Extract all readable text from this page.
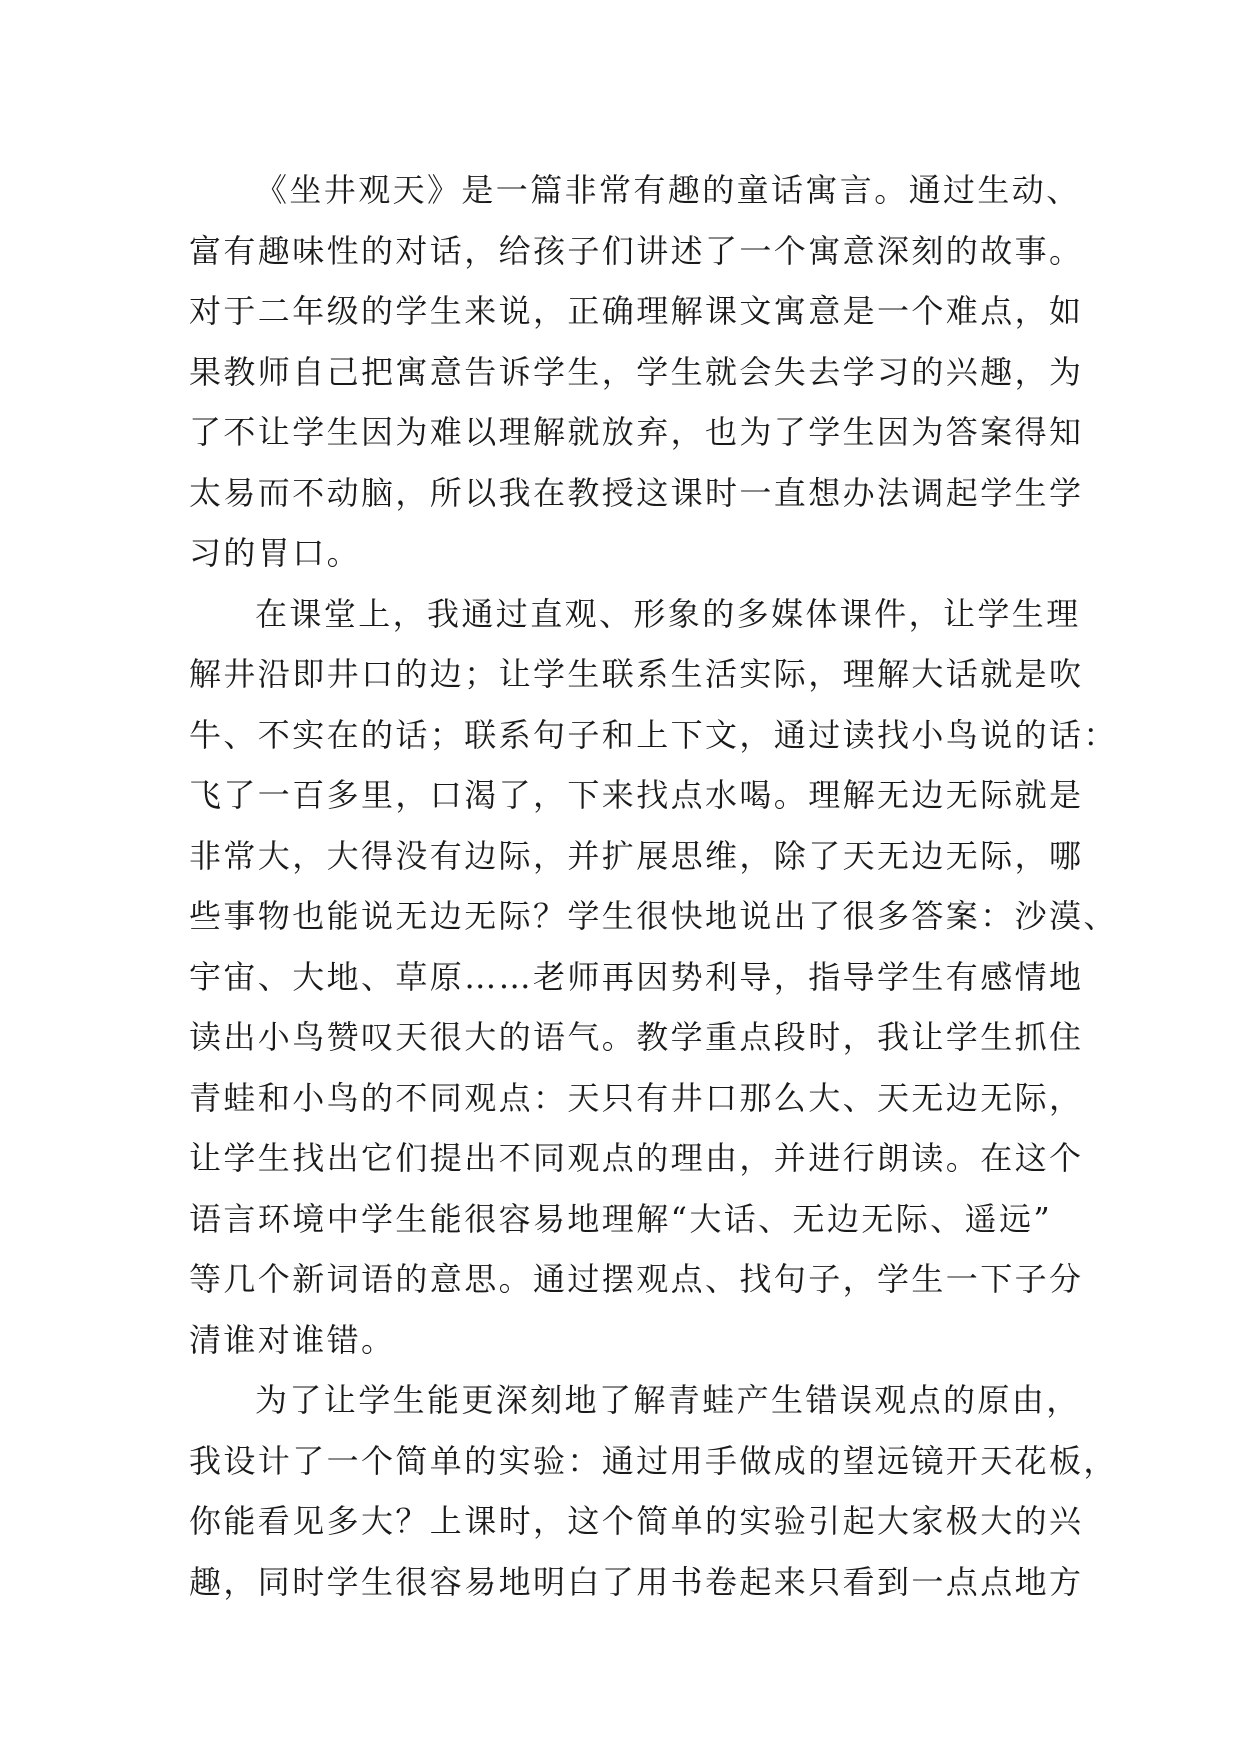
《坐井观天》是一篇非常有趣的童话寓言。通过生动、
富有趣味性的对话，给孩子们讲述了一个寓意深刻的故事。
对于二年级的学生来说，正确理解课文寓意是一个难点，如
果教师自己把寓意告诉学生，学生就会失去学习的兴趣，为
了不让学生因为难以理解就放弃，也为了学生因为答案得知
太易而不动脑，所以我在教授这课时一直想办法调起学生学
习的胃口。
在课堂上，我通过直观、形象的多媒体课件，让学生理
解井沿即井口的边；让学生联系生活实际，理解大话就是吹
牛、不实在的话；联系句子和上下文，通过读找小鸟说的话：
飞了一百多里，口渴了，下来找点水喝。理解无边无际就是
非常大，大得没有边际，并扩展思维，除了天无边无际，哪
些事物也能说无边无际？学生很快地说出了很多答案：沙漠、
宇宙、大地、草原……老师再因势利导，指导学生有感情地
读出小鸟赞叹天很大的语气。教学重点段时，我让学生抓住
青蛙和小鸟的不同观点：天只有井口那么大、天无边无际，
让学生找出它们提出不同观点的理由，并进行朗读。在这个
语言环境中学生能很容易地理解“大话、无边无际、遥远”
等几个新词语的意思。通过摆观点、找句子，学生一下子分
清谁对谁错。
为了让学生能更深刻地了解青蛙产生错误观点的原由，
我设计了一个简单的实验：通过用手做成的望远镜开天花板，
你能看见多大？上课时，这个简单的实验引起大家极大的兴
趣，同时学生很容易地明白了用书卷起来只看到一点点地方
